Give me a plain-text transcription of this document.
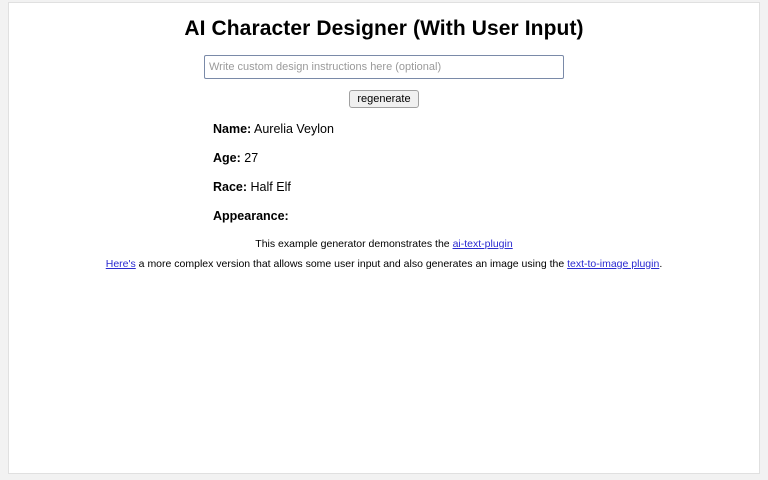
AI Character Designer (With User Input)
Write custom design instructions here (optional)
regenerate

Name: Aurelia Veylon

Age: 27

Race: Half Elf

Appearance:

This example generator demonstrates the ai-text-plugin
Here's a more complex version that allows some user input and also generates an image using the text-to-image plugin.
